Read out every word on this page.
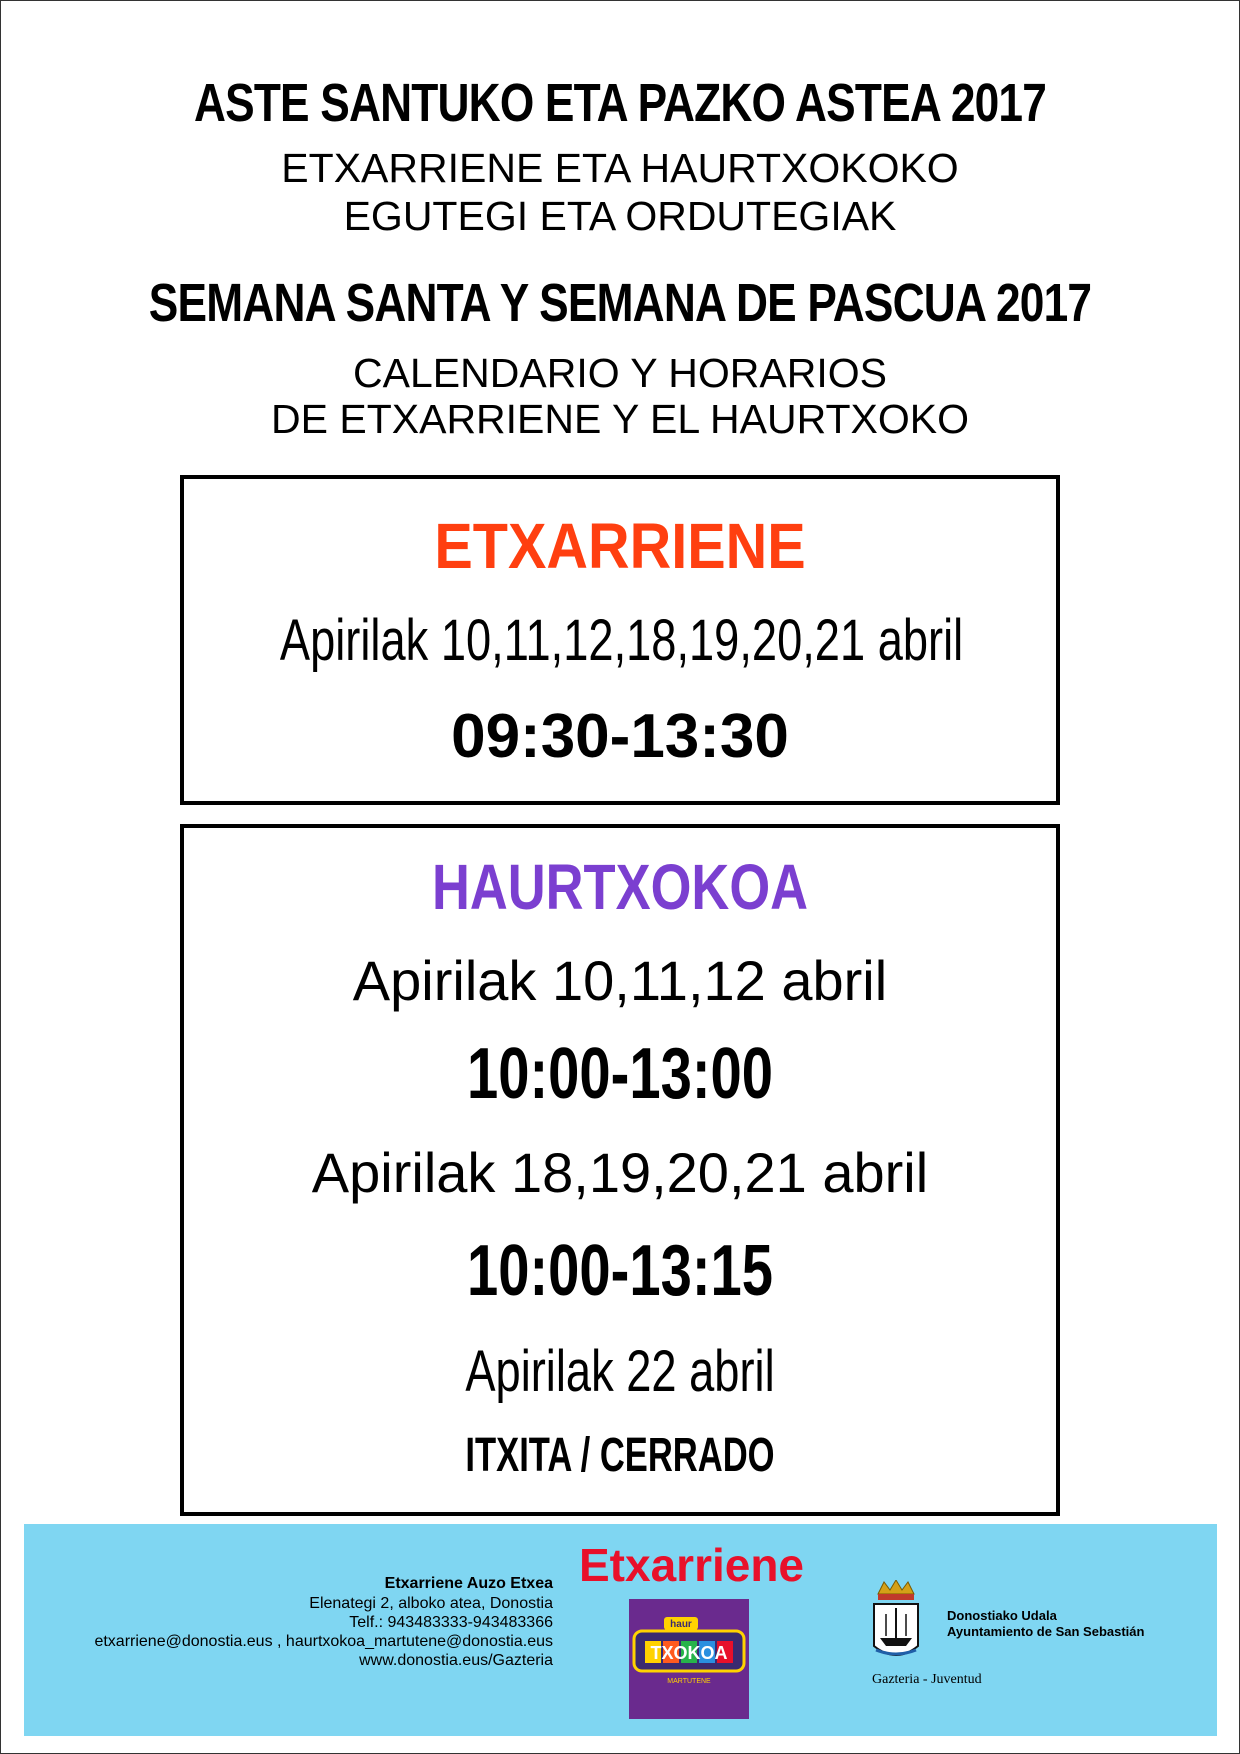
ASTE SANTUKO ETA PAZKO ASTEA 2017
ETXARRIENE ETA HAURTXOKOKO
EGUTEGI ETA ORDUTEGIAK
SEMANA SANTA Y SEMANA DE PASCUA 2017
CALENDARIO Y HORARIOS
DE ETXARRIENE Y EL HAURTXOKO
ETXARRIENE
Apirilak 10,11,12,18,19,20,21 abril
09:30-13:30
HAURTXOKOA
Apirilak 10,11,12 abril
10:00-13:00
Apirilak 18,19,20,21 abril
10:00-13:15
Apirilak 22 abril
ITXITA / CERRADO
Etxarriene Auzo Etxea
Elenategi 2, alboko atea, Donostia
Telf.: 943483333-943483366
etxarriene@donostia.eus , haurtxokoa_martutene@donostia.eus
www.donostia.eus/Gazteria
Etxarriene
TXOKOA
haur
MARTUTENE
Donostiako Udala
Ayuntamiento de San Sebastián
Gazteria - Juventud
